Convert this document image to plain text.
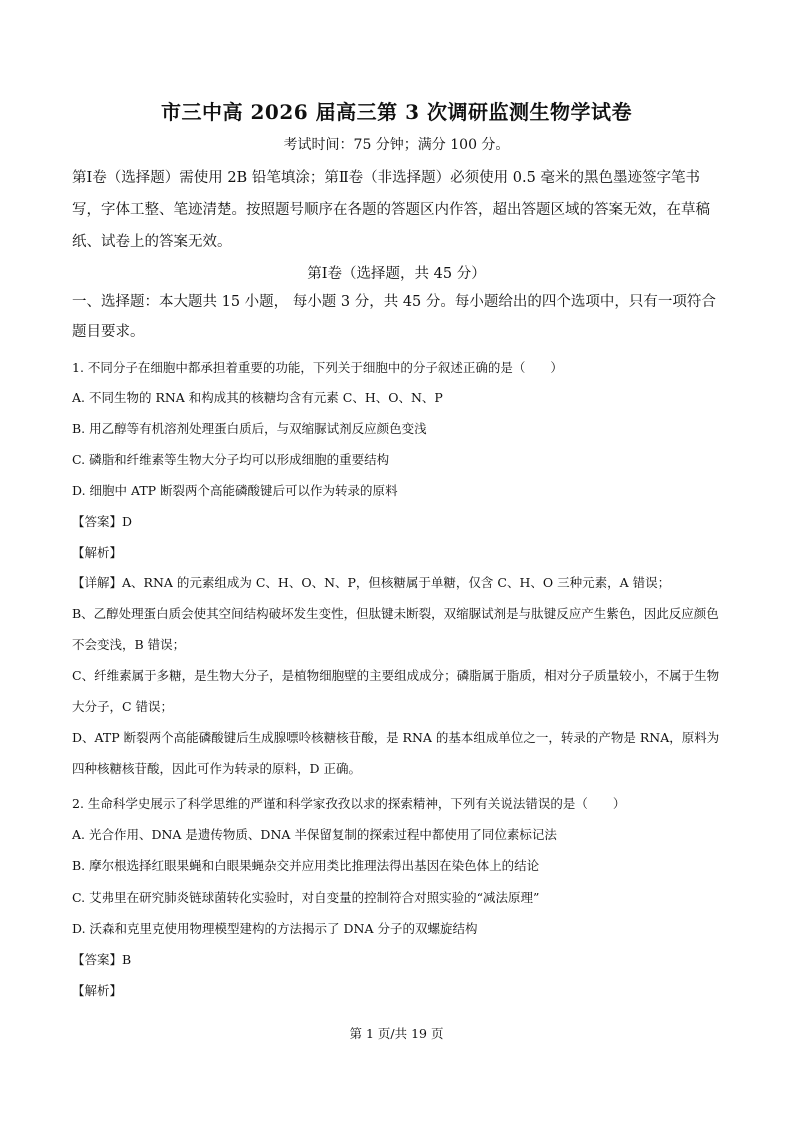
市三中高 2026 届高三第 3 次调研监测生物学试卷
考试时间：75 分钟；满分 100 分。
第Ⅰ卷（选择题）需使用 2B 铅笔填涂；第Ⅱ卷（非选择题）必须使用 0.5 毫米的黑色墨迹签字笔书写，字体工整、笔迹清楚。按照题号顺序在各题的答题区内作答，超出答题区域的答案无效，在草稿纸、试卷上的答案无效。
第Ⅰ卷（选择题，共 45 分）
一、选择题：本大题共 15 小题， 每小题 3 分，共 45 分。每小题给出的四个选项中，只有一项符合题目要求。
1. 不同分子在细胞中都承担着重要的功能，下列关于细胞中的分子叙述正确的是（　　）
A. 不同生物的 RNA 和构成其的核糖均含有元素 C、H、O、N、P
B. 用乙醇等有机溶剂处理蛋白质后，与双缩脲试剂反应颜色变浅
C. 磷脂和纤维素等生物大分子均可以形成细胞的重要结构
D. 细胞中 ATP 断裂两个高能磷酸键后可以作为转录的原料
【答案】D
【解析】
【详解】A、RNA 的元素组成为 C、H、O、N、P，但核糖属于单糖，仅含 C、H、O 三种元素，A 错误；
B、乙醇处理蛋白质会使其空间结构破坏发生变性，但肽键未断裂，双缩脲试剂是与肽键反应产生紫色，因此反应颜色不会变浅，B 错误；
C、纤维素属于多糖，是生物大分子，是植物细胞壁的主要组成成分；磷脂属于脂质，相对分子质量较小，不属于生物大分子，C 错误；
D、ATP 断裂两个高能磷酸键后生成腺嘌呤核糖核苷酸，是 RNA 的基本组成单位之一，转录的产物是 RNA，原料为四种核糖核苷酸，因此可作为转录的原料，D 正确。
2. 生命科学史展示了科学思维的严谨和科学家孜孜以求的探索精神，下列有关说法错误的是（　　）
A. 光合作用、DNA 是遗传物质、DNA 半保留复制的探索过程中都使用了同位素标记法
B. 摩尔根选择红眼果蝇和白眼果蝇杂交并应用类比推理法得出基因在染色体上的结论
C. 艾弗里在研究肺炎链球菌转化实验时，对自变量的控制符合对照实验的“减法原理”
D. 沃森和克里克使用物理模型建构的方法揭示了 DNA 分子的双螺旋结构
【答案】B
【解析】
第 1 页/共 19 页
